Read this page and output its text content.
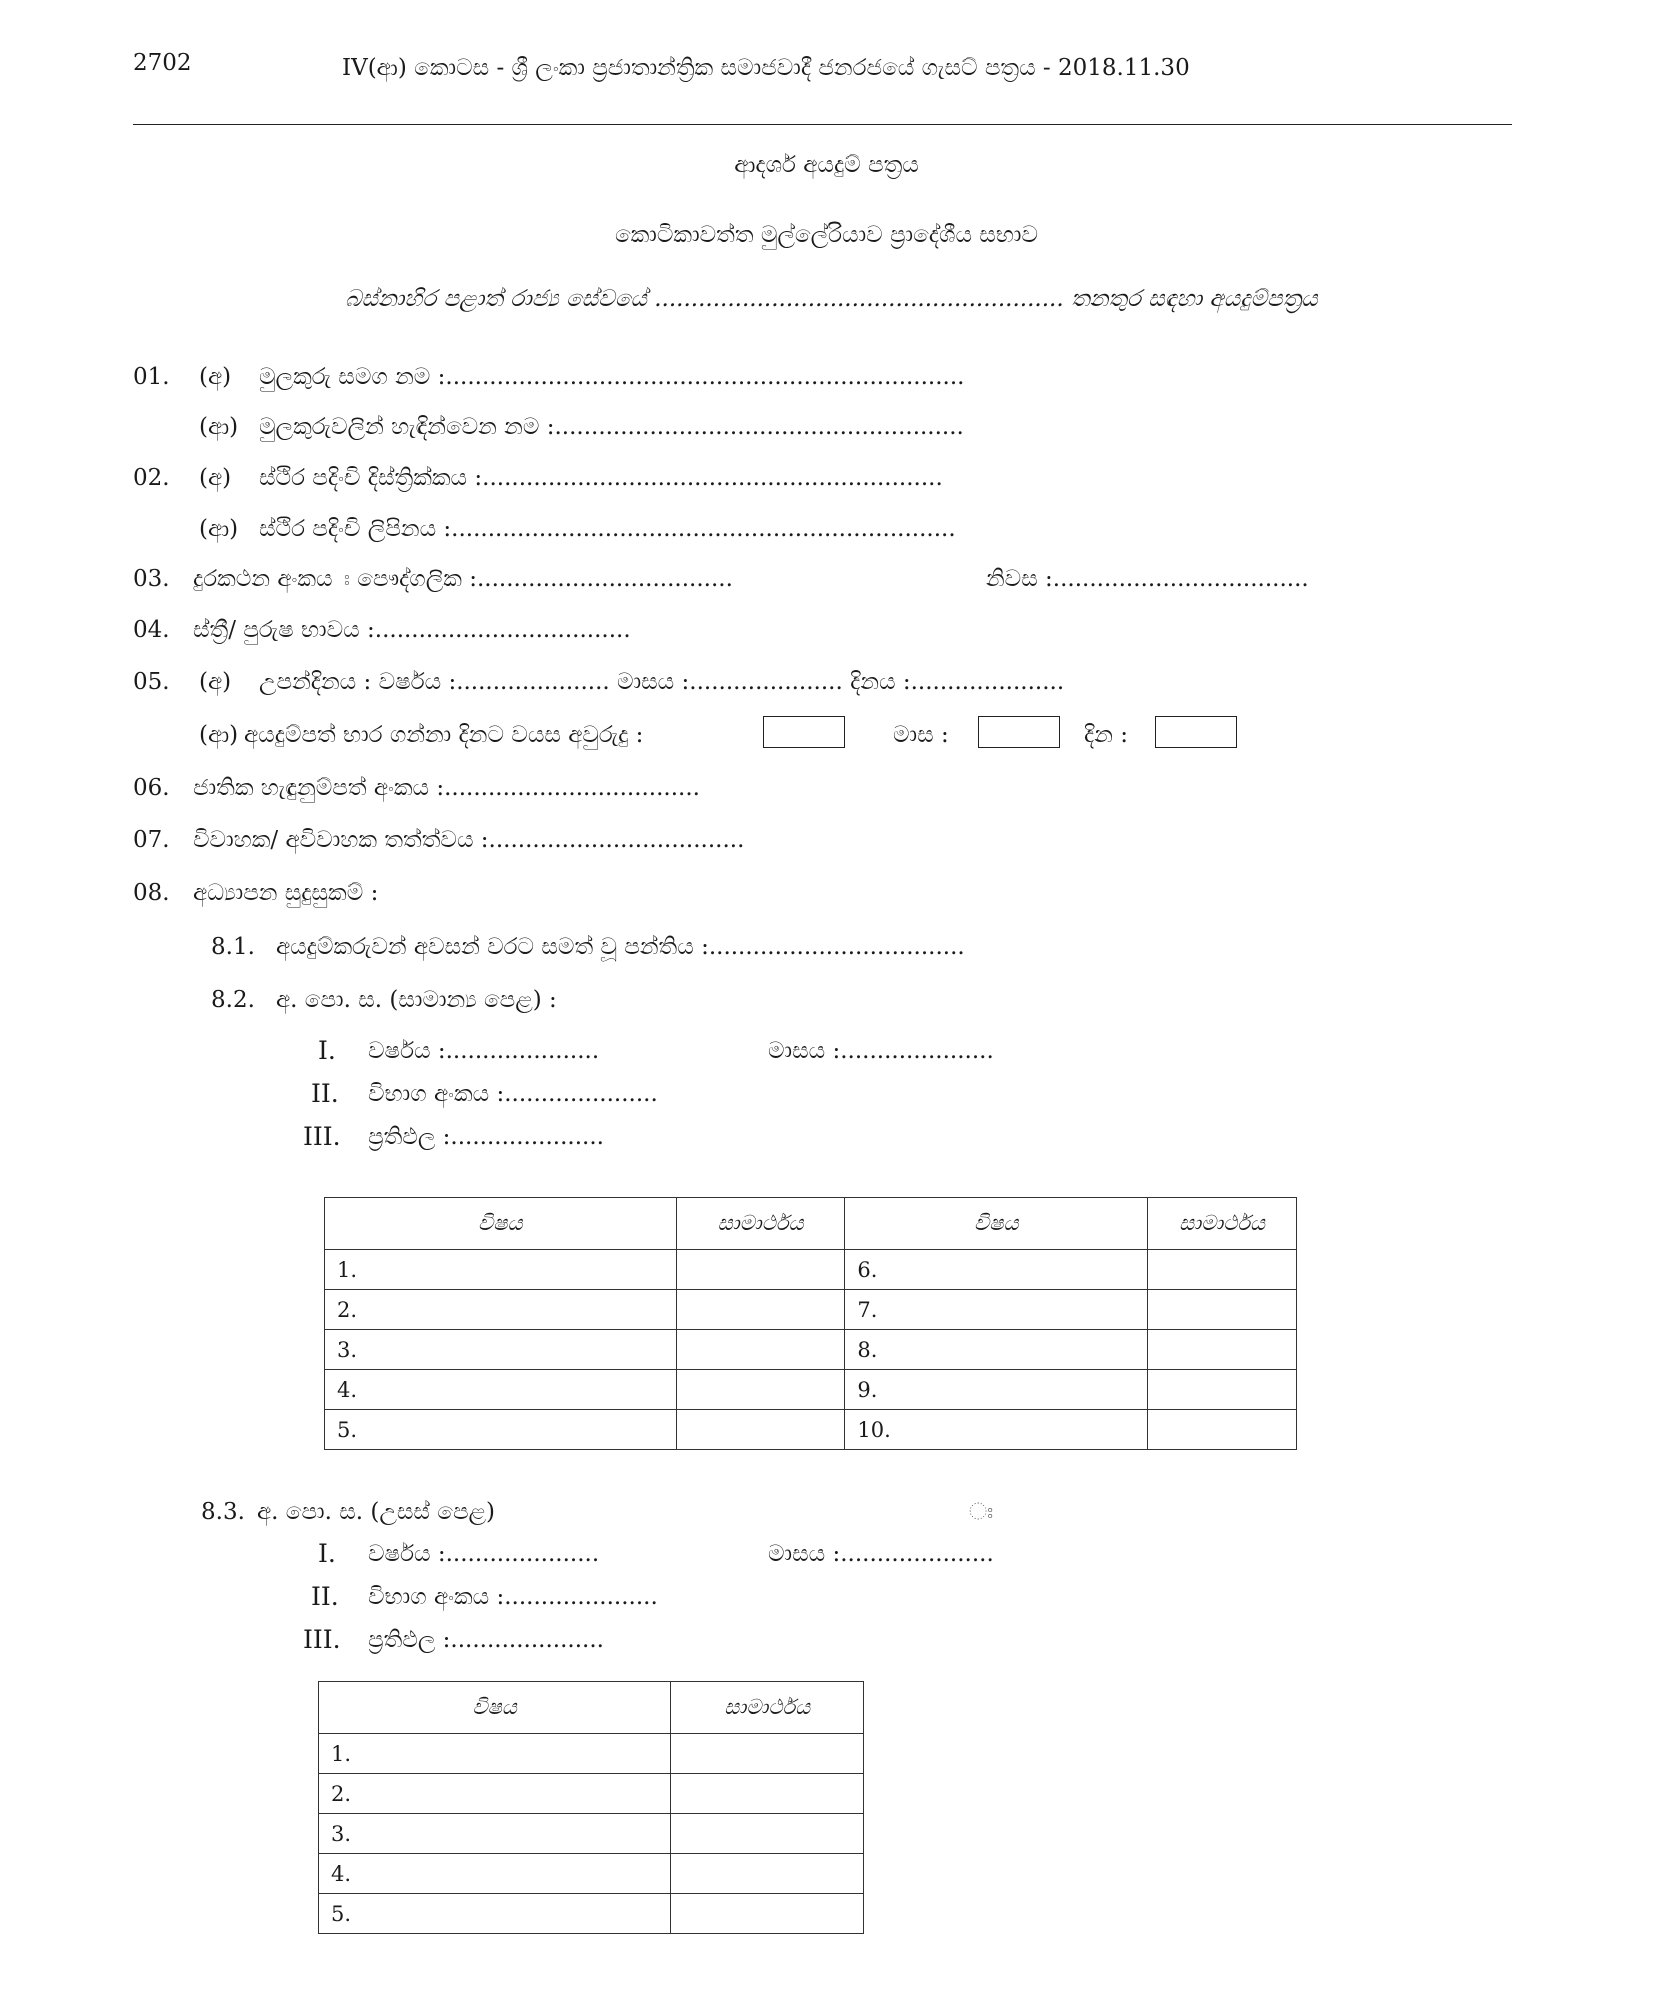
2702	IV(ආ) කොටස - ශ්‍රී ලංකා ප්‍රජාතාන්ත්‍රික සමාජවාදී ජනරජයේ ගැසට් පත්‍රය - 2018.11.30
ආදර්ශ අයදුම් පත්‍රය
කොටිකාවත්ත මුල්ලේරියාව ප්‍රාදේශීය සභාව
බස්නාහිර පළාත් රාජ්‍ය සේවයේ ........................................................ තනතුර සඳහා අයදුම්පත්‍රය
01. (අ) මුලකුරු සමග නම :.......................................................................
(ආ) මුලකුරුවලින් හැඳින්වෙන නම :........................................................
02. (අ) ස්ථිර පදිංචි දිස්ත්‍රික්කය :...............................................................
(ආ) ස්ථිර පදිංචි ලිපිනය :.....................................................................
03. දුරකථන අංකය ඃ පෞද්ගලික :...................................	නිවස :...................................
04. ස්ත්‍රී/ පුරුෂ භාවය :...................................
05. (අ) උපන්දිනය : වර්ෂය :..................... මාසය :..................... දිනය :.....................
(ආ) අයදුම්පත් භාර ගන්නා දිනට වයස අවුරුදු :	මාස :	දින :
06. ජාතික හැඳුනුම්පත් අංකය :...................................
07. විවාහක/ අවිවාහක තත්ත්වය :...................................
08. අධ්‍යාපන සුදුසුකම් :
8.1. අයදුම්කරුවන් අවසන් වරට සමත් වූ පන්තිය :...................................
8.2. අ. පො. ස. (සාමාන්‍ය පෙළ) :
I. වර්ෂය :.....................	මාසය :.....................
II. විභාග අංකය :.....................
III. ප්‍රතිඵල :.....................
විෂය	සාමාර්ථය	විෂය	සාමාර්ථය
1.		6.	
2.		7.	
3.		8.	
4.		9.	
5.		10.	
8.3. අ. පො. ස. (උසස් පෙළ)	ඃ
I. වර්ෂය :.....................	මාසය :.....................
II. විභාග අංකය :.....................
III. ප්‍රතිඵල :.....................
විෂය	සාමාර්ථය
1.	
2.	
3.	
4.	
5.	
